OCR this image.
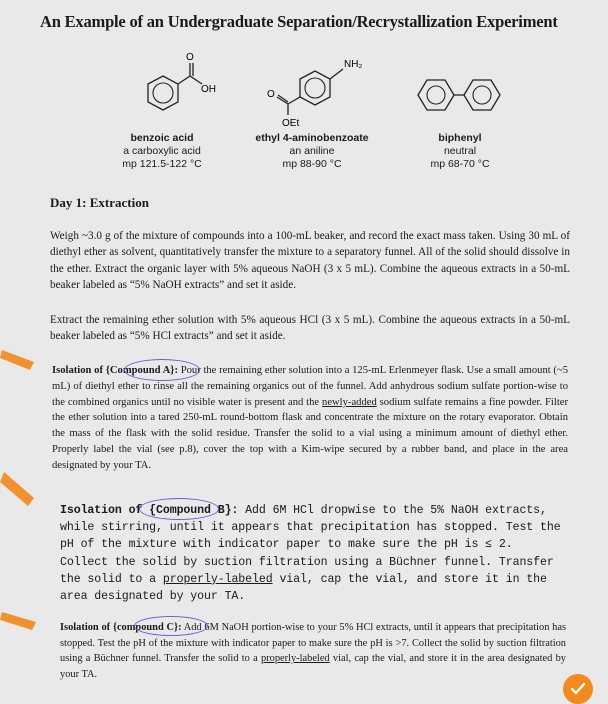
An Example of an Undergraduate Separation/Recrystallization Experiment
O
OH
NH₂
O
OEt
benzoic acid
a carboxylic acid
mp 121.5-122 °C
ethyl 4-aminobenzoate
an aniline
mp 88-90 °C
biphenyl
neutral
mp 68-70 °C
Day 1: Extraction

Weigh ~3.0 g of the mixture of compounds into a 100-mL beaker, and record the exact mass taken. Using 30 mL of diethyl ether as solvent, quantitatively transfer the mixture to a separatory funnel. All of the solid should dissolve in the ether. Extract the organic layer with 5% aqueous NaOH (3 x 5 mL). Combine the aqueous extracts in a 50-mL beaker labeled as “5% NaOH extracts” and set it aside.

Extract the remaining ether solution with 5% aqueous HCl (3 x 5 mL). Combine the aqueous extracts in a 50-mL beaker labeled as “5% HCl extracts” and set it aside.

Isolation of {Compound A}: Pour the remaining ether solution into a 125-mL Erlenmeyer flask. Use a small amount (~5 mL) of diethyl ether to rinse all the remaining organics out of the funnel. Add anhydrous sodium sulfate portion-wise to the combined organics until no visible water is present and the newly-added sodium sulfate remains a fine powder. Filter the ether solution into a tared 250-mL round-bottom flask and concentrate the mixture on the rotary evaporator. Obtain the mass of the flask with the solid residue. Transfer the solid to a vial using a minimum amount of diethyl ether. Properly label the vial (see p.8), cover the top with a Kim-wipe secured by a rubber band, and place in the area designated by your TA.

Isolation of {Compound B}: Add 6M HCl dropwise to the 5% NaOH extracts, while stirring, until it appears that precipitation has stopped. Test the pH of the mixture with indicator paper to make sure the pH is ≤ 2. Collect the solid by suction filtration using a Büchner funnel. Transfer the solid to a properly-labeled vial, cap the vial, and store it in the area designated by your TA.

Isolation of {compound C}: Add 6M NaOH portion-wise to your 5% HCl extracts, until it appears that precipitation has stopped. Test the pH of the mixture with indicator paper to make sure the pH is >7. Collect the solid by suction filtration using a Büchner funnel. Transfer the solid to a properly-labeled vial, cap the vial, and store it in the area designated by your TA.
